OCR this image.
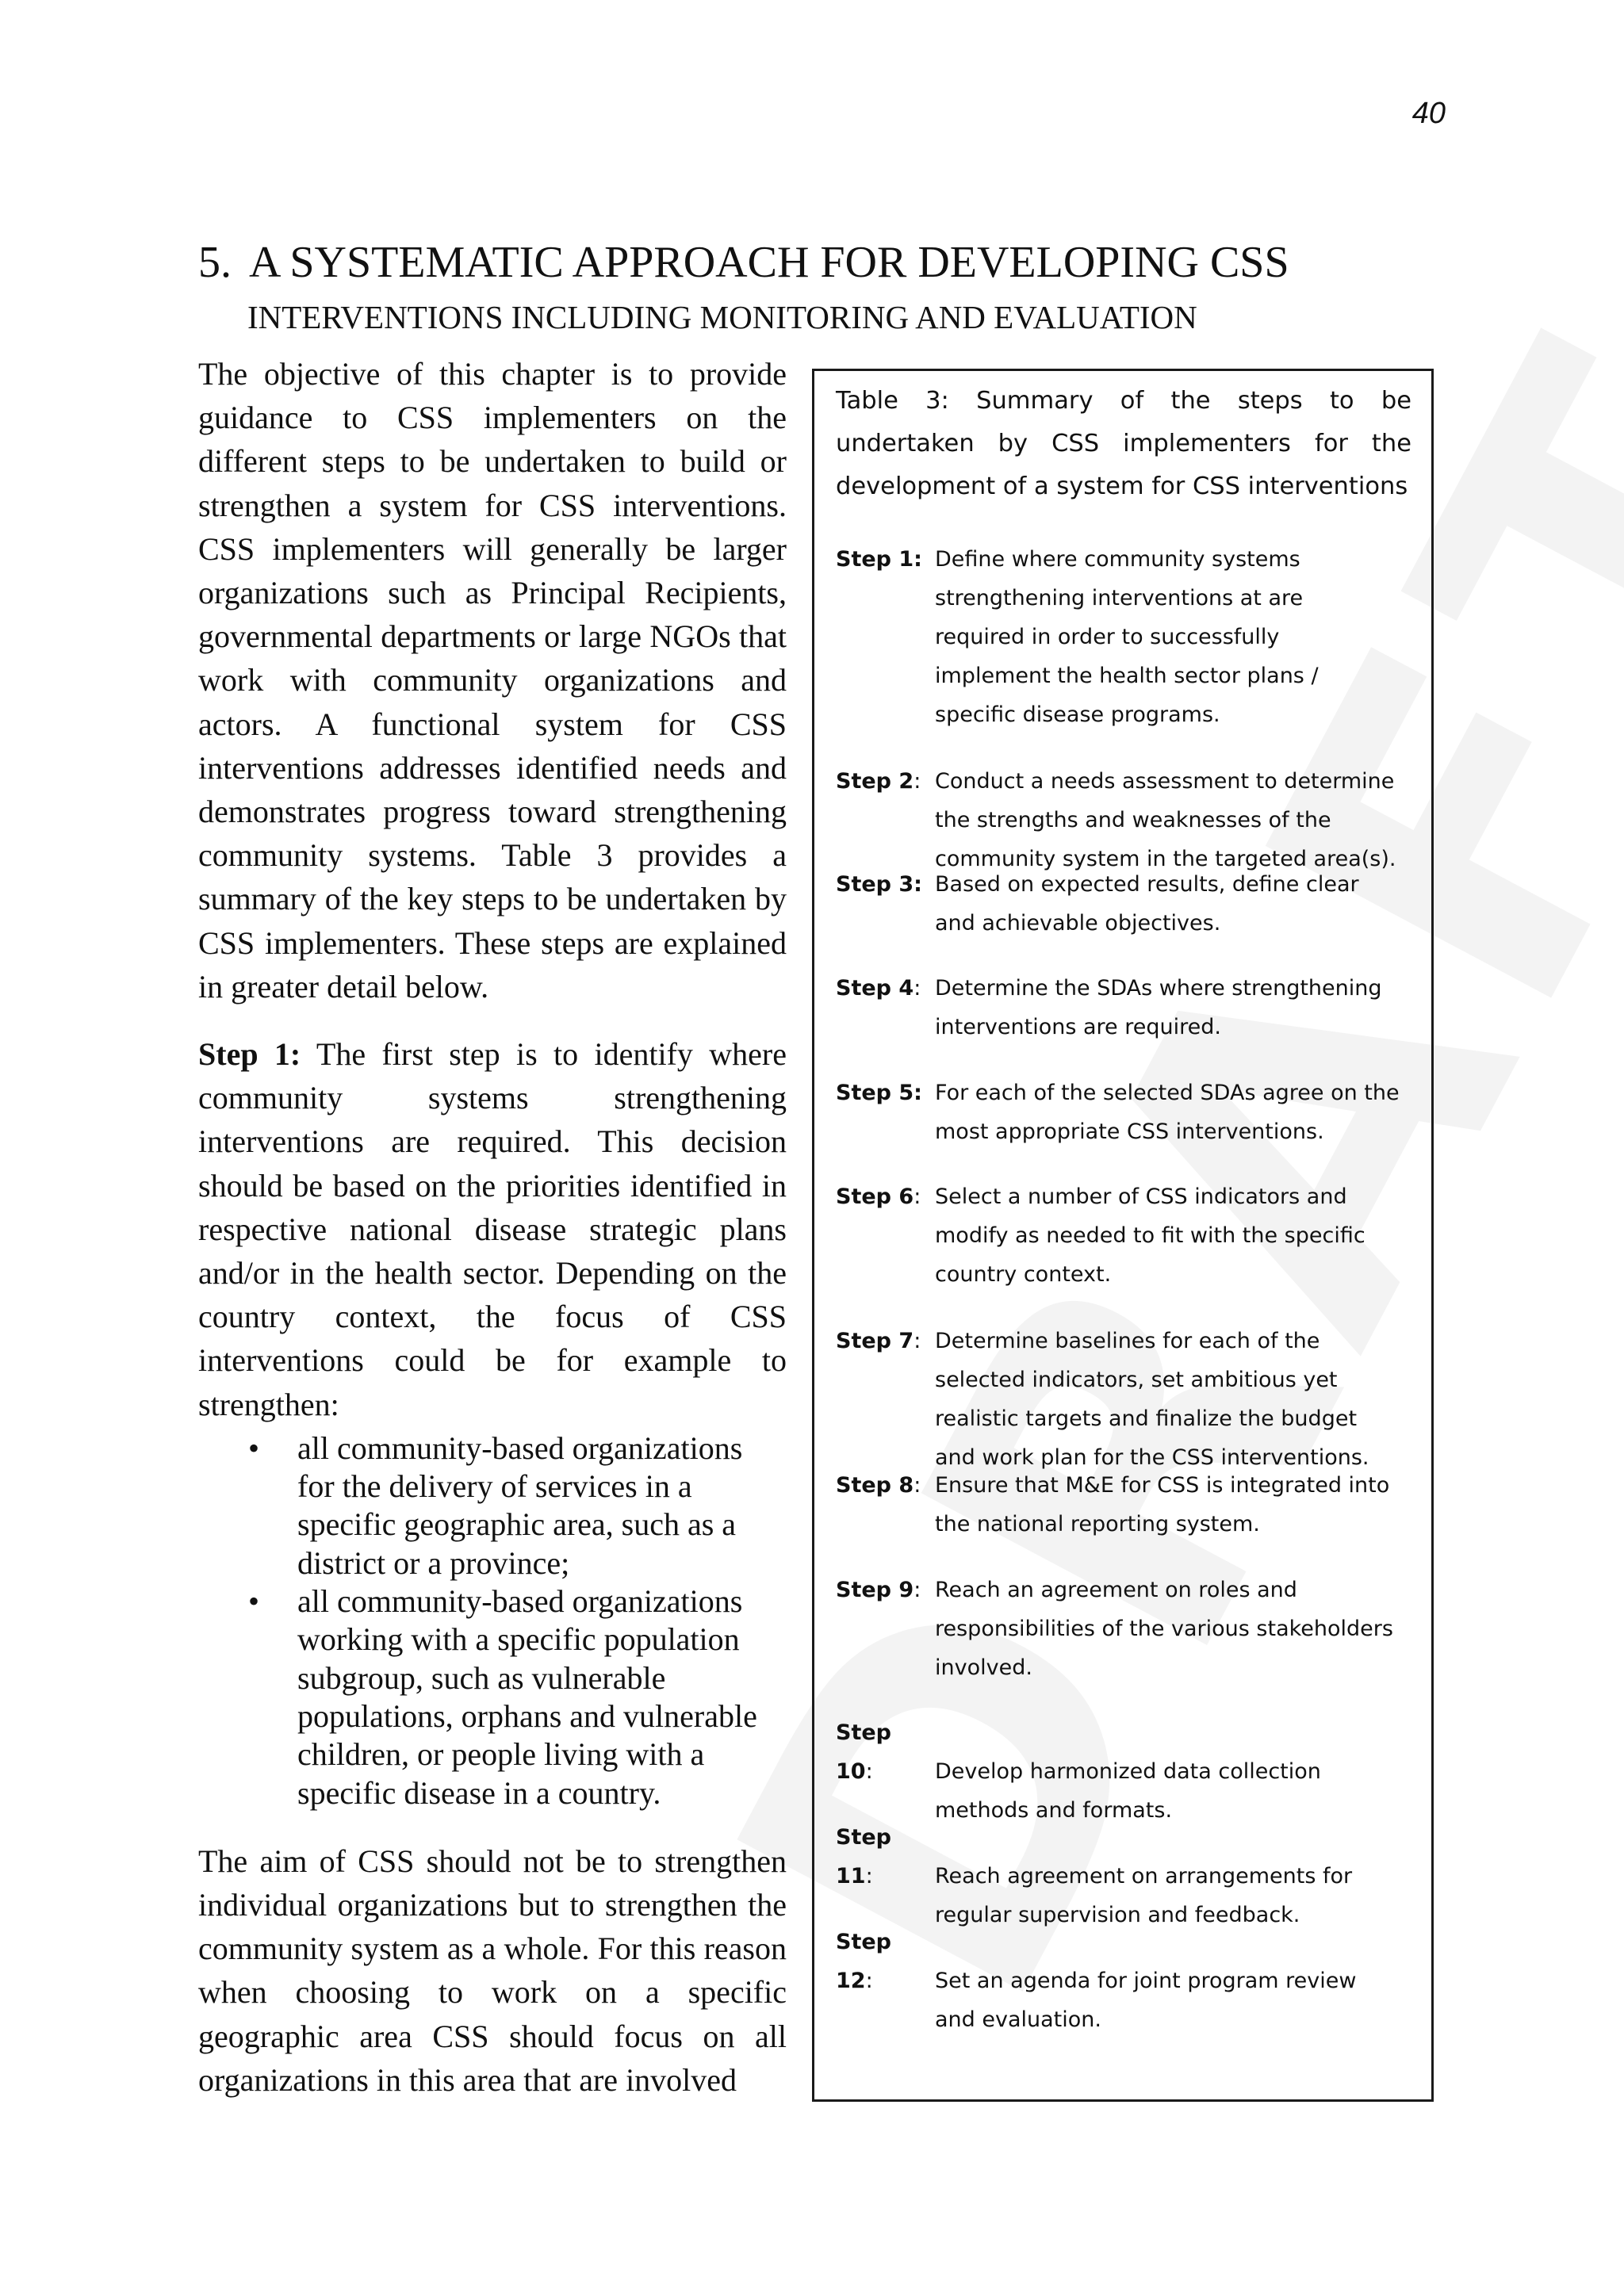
40
5. A SYSTEMATIC APPROACH FOR DEVELOPING CSS
INTERVENTIONS INCLUDING MONITORING AND EVALUATION

The objective of this chapter is to provide guidance to CSS implementers on the different steps to be undertaken to build or strengthen a system for CSS interventions. CSS implementers will generally be larger organizations such as Principal Recipients, governmental departments or large NGOs that work with community organizations and actors. A functional system for CSS interventions addresses identified needs and demonstrates progress toward strengthening community systems. Table 3 provides a summary of the key steps to be undertaken by CSS implementers. These steps are explained in greater detail below.

Step 1: The first step is to identify where community systems strengthening interventions are required. This decision should be based on the priorities identified in respective national disease strategic plans and/or in the health sector. Depending on the country context, the focus of CSS interventions could be for example to strengthen:

• all community-based organizations for the delivery of services in a specific geographic area, such as a district or a province;
• all community-based organizations working with a specific population subgroup, such as vulnerable populations, orphans and vulnerable children, or people living with a specific disease in a country.

The aim of CSS should not be to strengthen individual organizations but to strengthen the community system as a whole. For this reason when choosing to work on a specific geographic area CSS should focus on all organizations in this area that are involved

Table 3: Summary of the steps to be undertaken by CSS implementers for the development of a system for CSS interventions
Step 1: Define where community systems
strengthening interventions at are
required in order to successfully
implement the health sector plans /
specific disease programs.
Step 2: Conduct a needs assessment to determine
the strengths and weaknesses of the
community system in the targeted area(s).
Step 3: Based on expected results, define clear
and achievable objectives.
Step 4: Determine the SDAs where strengthening
interventions are required.
Step 5: For each of the selected SDAs agree on the
most appropriate CSS interventions.
Step 6: Select a number of CSS indicators and
modify as needed to fit with the specific
country context.
Step 7: Determine baselines for each of the
selected indicators, set ambitious yet
realistic targets and finalize the budget
and work plan for the CSS interventions.
Step 8: Ensure that M&E for CSS is integrated into
the national reporting system.
Step 9: Reach an agreement on roles and
responsibilities of the various stakeholders
involved.
Step 10:	Develop harmonized data collection
methods and formats.
Step 11:	Reach agreement on arrangements for
regular supervision and feedback.
Step 12:	Set an agenda for joint program review
and evaluation.
